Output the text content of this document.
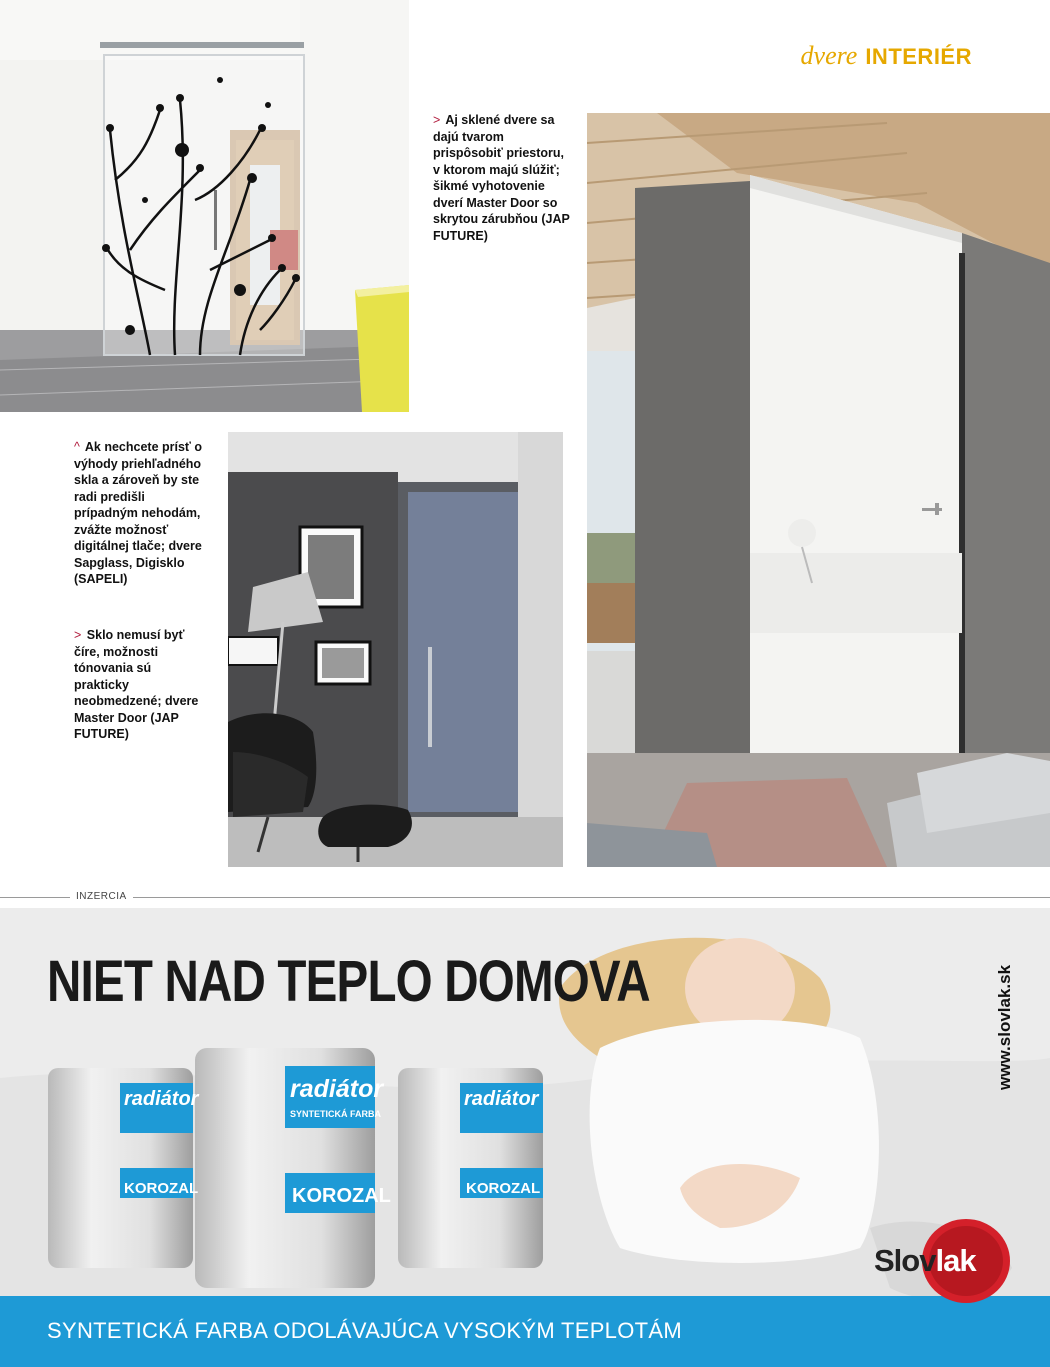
dvere INTERIÉR
> Aj sklené dvere sa dajú tvarom prispôsobiť priestoru, v ktorom majú slúžiť; šikmé vyhotovenie dverí Master Door so skrytou zárubňou (JAP FUTURE)
^ Ak nechcete prísť o výhody priehľadného skla a zároveň by ste radi predišli prípadným nehodám, zvážte možnosť digitálnej tlače; dvere Sapglass, Digisklo (SAPELI)
> Sklo nemusí byť číre, možnosti tónovania sú prakticky neobmedzené; dvere Master Door (JAP FUTURE)
INZERCIA
radiátor
KOROZAL
radiátor
SYNTETICKÁ FARBA
KOROZAL
radiátor
KOROZAL
NIET NAD TEPLO DOMOVA	www.slovlak.sk
SYNTETICKÁ FARBA ODOLÁVAJÚCA VYSOKÝM TEPLOTÁM
Slovlak
